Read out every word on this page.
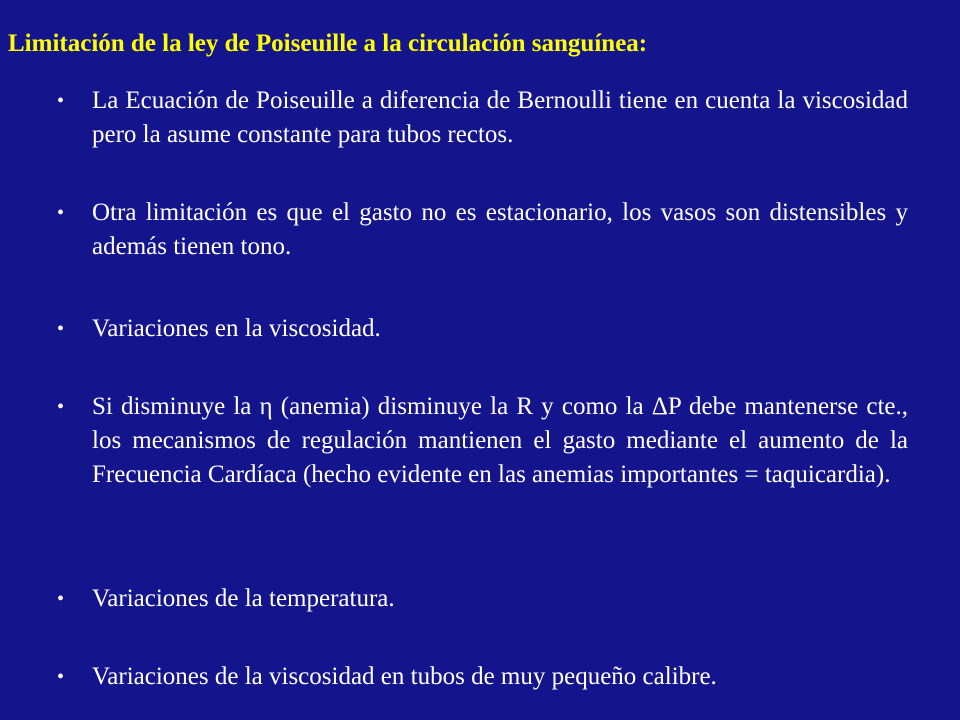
Limitación de la ley de Poiseuille a la circulación sanguínea:
•	La Ecuación de Poiseuille a diferencia de Bernoulli tiene en cuenta la viscosidad pero la asume constante para tubos rectos.
•	Otra limitación es que el gasto no es estacionario, los vasos son distensibles y además tienen tono.
•	Variaciones en la viscosidad.
•	Si disminuye la η (anemia) disminuye la R y como la ΔP debe mantenerse cte., los mecanismos de regulación mantienen el gasto mediante el aumento de la Frecuencia Cardíaca (hecho evidente en las anemias importantes = taquicardia).
•	Variaciones de la temperatura.
•	Variaciones de la viscosidad en tubos de muy pequeño calibre.
